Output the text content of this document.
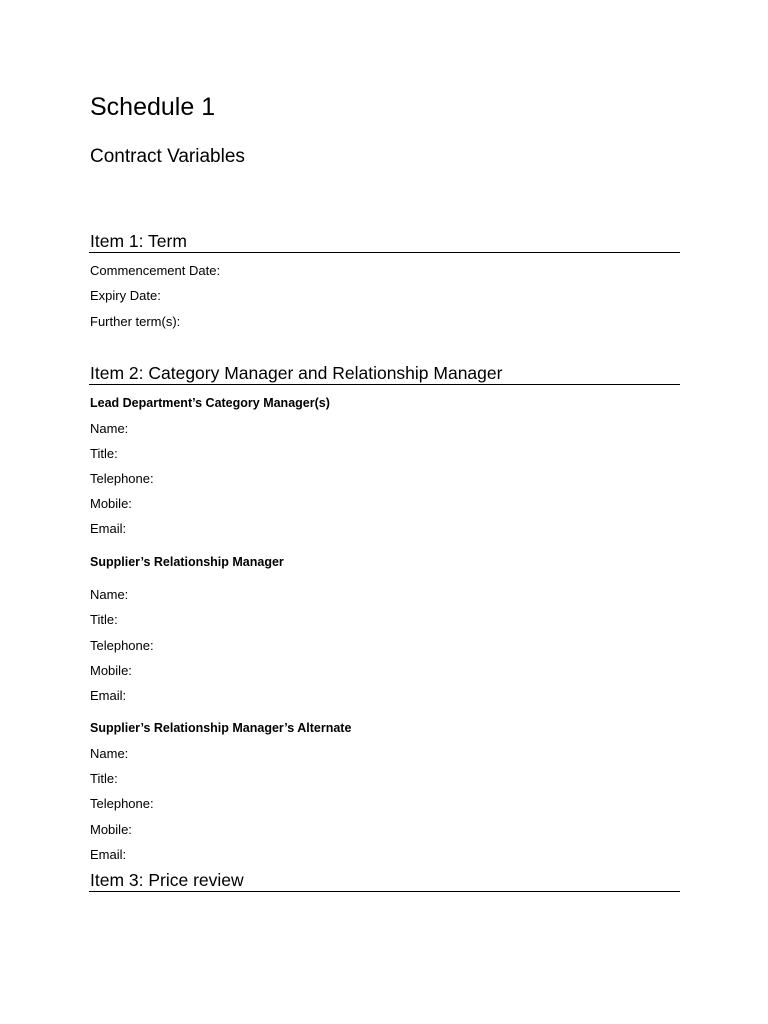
Schedule 1
Contract Variables
Item 1: Term
Commencement Date:
Expiry Date:
Further term(s):
Item 2: Category Manager and Relationship Manager
Lead Department’s Category Manager(s)
Name:
Title:
Telephone:
Mobile:
Email:
Supplier’s Relationship Manager
Name:
Title:
Telephone:
Mobile:
Email:
Supplier’s Relationship Manager’s Alternate
Name:
Title:
Telephone:
Mobile:
Email:
Item 3: Price review
